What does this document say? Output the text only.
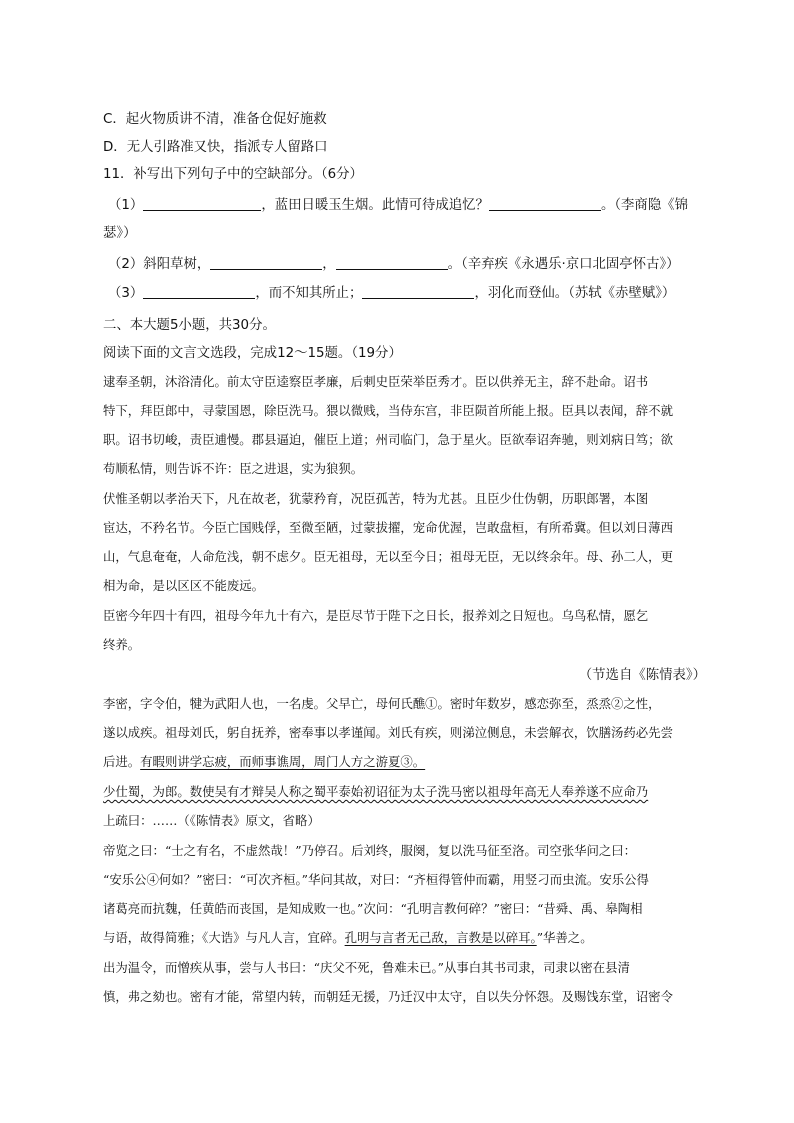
C．起火物质讲不清，准备仓促好施救
D．无人引路准又快，指派专人留路口
11．补写出下列句子中的空缺部分。（6分）
（1）	，蓝田日暖玉生烟。此情可待成追忆？	。（李商隐《锦
瑟》）
（2）斜阳草树，	，	。（辛弃疾《永遇乐·京口北固亭怀古》）
（3）	，而不知其所止；	，羽化而登仙。（苏轼《赤壁赋》）
二、本大题5小题，共30分。
阅读下面的文言文选段，完成12～15题。（19分）
逮奉圣朝，沐浴清化。前太守臣逵察臣孝廉，后刺史臣荣举臣秀才。臣以供养无主，辞不赴命。诏书
特下，拜臣郎中，寻蒙国恩，除臣洗马。猥以微贱，当侍东宫，非臣陨首所能上报。臣具以表闻，辞不就
职。诏书切峻，责臣逋慢。郡县逼迫，催臣上道；州司临门，急于星火。臣欲奉诏奔驰，则刘病日笃；欲
苟顺私情，则告诉不许：臣之进退，实为狼狈。
伏惟圣朝以孝治天下，凡在故老，犹蒙矜育，况臣孤苦，特为尤甚。且臣少仕伪朝，历职郎署，本图
宦达，不矜名节。今臣亡国贱俘，至微至陋，过蒙拔擢，宠命优渥，岂敢盘桓，有所希冀。但以刘日薄西
山，气息奄奄，人命危浅，朝不虑夕。臣无祖母，无以至今日；祖母无臣，无以终余年。母、孙二人，更
相为命，是以区区不能废远。
臣密今年四十有四，祖母今年九十有六，是臣尽节于陛下之日长，报养刘之日短也。乌鸟私情，愿乞
终养。
（节选自《陈情表》）
李密，字令伯，犍为武阳人也，一名虔。父早亡，母何氏醮①。密时年数岁，感恋弥至，烝烝②之性，
遂以成疾。祖母刘氏，躬自抚养，密奉事以孝谨闻。刘氏有疾，则涕泣侧息，未尝解衣，饮膳汤药必先尝
后进。有暇则讲学忘疲，而师事谯周，周门人方之游夏③。
少仕蜀，为郎。数使吴有才辩吴人称之蜀平泰始初诏征为太子洗马密以祖母年高无人奉养遂不应命乃
上疏曰：……（《陈情表》原文，省略）
帝览之曰：“士之有名，不虚然哉！”乃停召。后刘终，服阕，复以洗马征至洛。司空张华问之曰：
“安乐公④何如？”密曰：“可次齐桓。”华问其故，对曰：“齐桓得管仲而霸，用竖刁而虫流。安乐公得
诸葛亮而抗魏，任黄皓而丧国，是知成败一也。”次问：“孔明言教何碎？”密曰：“昔舜、禹、皋陶相
与语，故得简雅；《大诰》与凡人言，宜碎。孔明与言者无己敌，言教是以碎耳。”华善之。
出为温令，而憎疾从事，尝与人书曰：“庆父不死，鲁难未已。”从事白其书司隶，司隶以密在县清
慎，弗之劾也。密有才能，常望内转，而朝廷无援，乃迁汉中太守，自以失分怀怨。及赐饯东堂，诏密令
